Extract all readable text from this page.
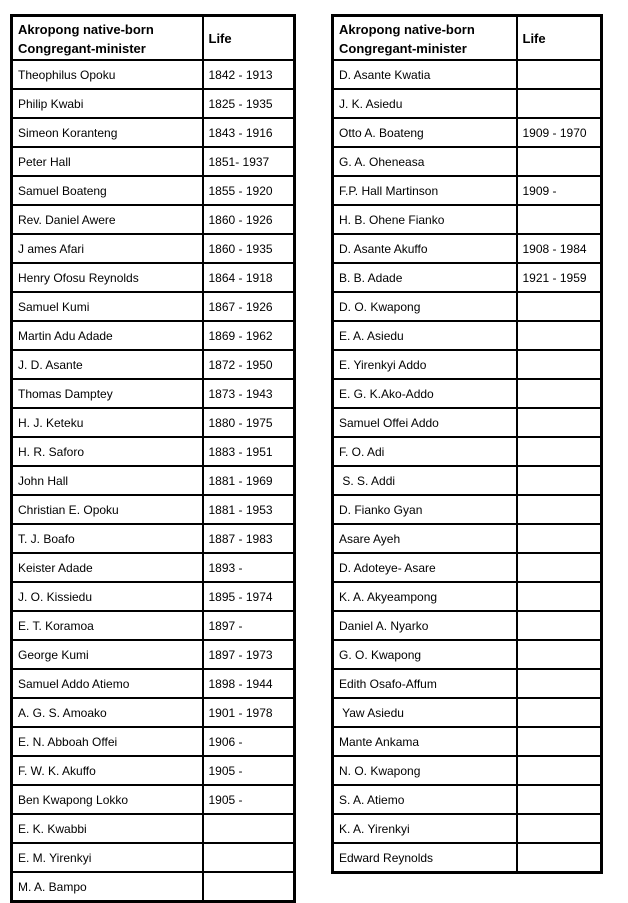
Akropong native-born
Congregant-minister	Life
Theophilus Opoku	1842 - 1913
Philip Kwabi	1825 - 1935
Simeon Koranteng	1843 - 1916
Peter Hall	1851- 1937
Samuel Boateng	1855 - 1920
Rev. Daniel Awere	1860 - 1926
J ames Afari	1860 - 1935
Henry Ofosu Reynolds	1864 - 1918
Samuel Kumi	1867 - 1926
Martin Adu Adade	1869 - 1962
J. D. Asante	1872 - 1950
Thomas Damptey	1873 - 1943
H. J. Keteku	1880 - 1975
H. R. Saforo	1883 - 1951
John Hall	1881 - 1969
Christian E. Opoku	1881 - 1953
T. J. Boafo	1887 - 1983
Keister Adade	1893 -
J. O. Kissiedu	1895 - 1974
E. T. Koramoa	1897 -
George Kumi	1897 - 1973
Samuel Addo Atiemo	1898 - 1944
A. G. S. Amoako	1901 - 1978
E. N. Abboah Offei	1906 -
F. W. K. Akuffo	1905 -
Ben Kwapong Lokko	1905 -
E. K. Kwabbi	
E. M. Yirenkyi	
M. A. Bampo	
Akropong native-born
Congregant-minister	Life
D. Asante Kwatia	
J. K. Asiedu	
Otto A. Boateng	1909 - 1970
G. A. Oheneasa	
F.P. Hall Martinson	1909 -
H. B. Ohene Fianko	
D. Asante Akuffo	1908 - 1984
B. B. Adade	1921 - 1959
D. O. Kwapong	
E. A. Asiedu	
E. Yirenkyi Addo	
E. G. K.Ako-Addo	
Samuel Offei Addo	
F. O. Adi	
S. S. Addi	
D. Fianko Gyan	
Asare Ayeh	
D. Adoteye- Asare	
K. A. Akyeampong	
Daniel A. Nyarko	
G. O. Kwapong	
Edith Osafo-Affum	
Yaw Asiedu	
Mante Ankama	
N. O. Kwapong	
S. A. Atiemo	
K. A. Yirenkyi	
Edward Reynolds	
